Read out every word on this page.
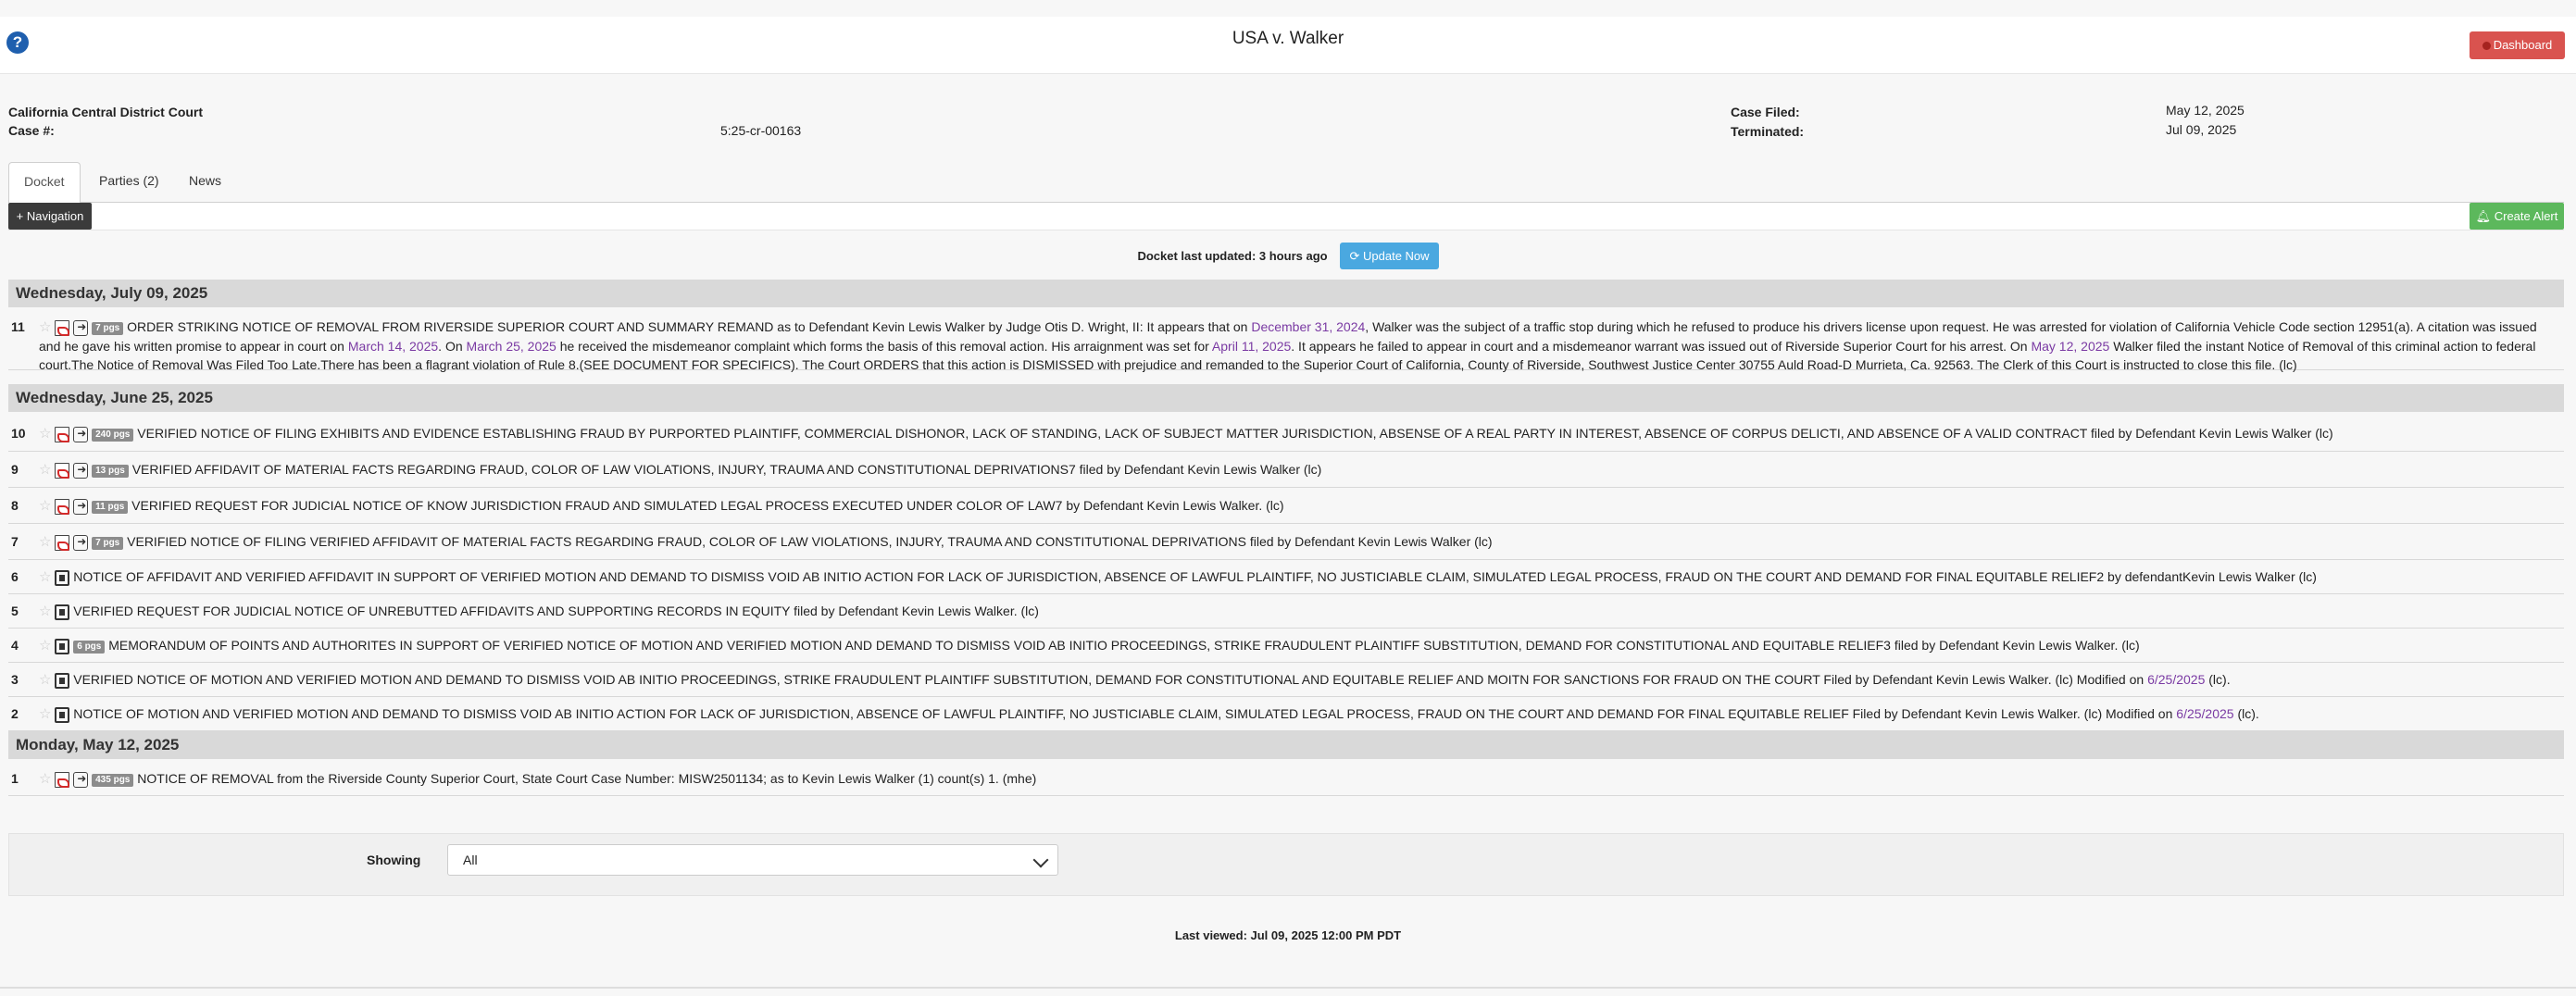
?	USA v. Walker	Dashboard
California Central District Court
Case #:	5:25-cr-00163
Case Filed:	May 12, 2025
Terminated:	Jul 09, 2025
Docket	Parties (2)	News
+ Navigation	🔔︎ Create Alert
Docket last updated: 3 hours ago ⟳ Update Now
Wednesday, July 09, 2025
11 ☆ ➜	7 pgs ORDER STRIKING NOTICE OF REMOVAL FROM RIVERSIDE SUPERIOR COURT AND SUMMARY REMAND as to Defendant Kevin Lewis Walker by Judge Otis D. Wright, II: It appears that on December 31, 2024, Walker was the subject of a traffic stop during which he refused to produce his drivers license upon request. He was arrested for violation of California Vehicle Code section 12951(a). A citation was issued and he gave his written promise to appear in court on March 14, 2025. On March 25, 2025 he received the misdemeanor complaint which forms the basis of this removal action. His arraignment was set for April 11, 2025. It appears he failed to appear in court and a misdemeanor warrant was issued out of Riverside Superior Court for his arrest. On May 12, 2025 Walker filed the instant Notice of Removal of this criminal action to federal court.The Notice of Removal Was Filed Too Late.There has been a flagrant violation of Rule 8.(SEE DOCUMENT FOR SPECIFICS). The Court ORDERS that this action is DISMISSED with prejudice and remanded to the Superior Court of California, County of Riverside, Southwest Justice Center 30755 Auld Road-D Murrieta, Ca. 92563. The Clerk of this Court is instructed to close this file. (lc)
Wednesday, June 25, 2025
10 ☆ ➜	240 pgs VERIFIED NOTICE OF FILING EXHIBITS AND EVIDENCE ESTABLISHING FRAUD BY PURPORTED PLAINTIFF, COMMERCIAL DISHONOR, LACK OF STANDING, LACK OF SUBJECT MATTER JURISDICTION, ABSENSE OF A REAL PARTY IN INTEREST, ABSENCE OF CORPUS DELICTI, AND ABSENCE OF A VALID CONTRACT filed by Defendant Kevin Lewis Walker (lc)
9 ☆ ➜	13 pgs VERIFIED AFFIDAVIT OF MATERIAL FACTS REGARDING FRAUD, COLOR OF LAW VIOLATIONS, INJURY, TRAUMA AND CONSTITUTIONAL DEPRIVATIONS7 filed by Defendant Kevin Lewis Walker (lc)
8 ☆ ➜	11 pgs VERIFIED REQUEST FOR JUDICIAL NOTICE OF KNOW JURISDICTION FRAUD AND SIMULATED LEGAL PROCESS EXECUTED UNDER COLOR OF LAW7 by Defendant Kevin Lewis Walker. (lc)
7 ☆ ➜	7 pgs VERIFIED NOTICE OF FILING VERIFIED AFFIDAVIT OF MATERIAL FACTS REGARDING FRAUD, COLOR OF LAW VIOLATIONS, INJURY, TRAUMA AND CONSTITUTIONAL DEPRIVATIONS filed by Defendant Kevin Lewis Walker (lc)
6 ☆ NOTICE OF AFFIDAVIT AND VERIFIED AFFIDAVIT IN SUPPORT OF VERIFIED MOTION AND DEMAND TO DISMISS VOID AB INITIO ACTION FOR LACK OF JURISDICTION, ABSENCE OF LAWFUL PLAINTIFF, NO JUSTICIABLE CLAIM, SIMULATED LEGAL PROCESS, FRAUD ON THE COURT AND DEMAND FOR FINAL EQUITABLE RELIEF2 by defendantKevin Lewis Walker (lc)
5 ☆ VERIFIED REQUEST FOR JUDICIAL NOTICE OF UNREBUTTED AFFIDAVITS AND SUPPORTING RECORDS IN EQUITY filed by Defendant Kevin Lewis Walker. (lc)
4 ☆	6 pgs MEMORANDUM OF POINTS AND AUTHORITES IN SUPPORT OF VERIFIED NOTICE OF MOTION AND VERIFIED MOTION AND DEMAND TO DISMISS VOID AB INITIO PROCEEDINGS, STRIKE FRAUDULENT PLAINTIFF SUBSTITUTION, DEMAND FOR CONSTITUTIONAL AND EQUITABLE RELIEF3 filed by Defendant Kevin Lewis Walker. (lc)
3 ☆ VERIFIED NOTICE OF MOTION AND VERIFIED MOTION AND DEMAND TO DISMISS VOID AB INITIO PROCEEDINGS, STRIKE FRAUDULENT PLAINTIFF SUBSTITUTION, DEMAND FOR CONSTITUTIONAL AND EQUITABLE RELIEF AND MOITN FOR SANCTIONS FOR FRAUD ON THE COURT Filed by Defendant Kevin Lewis Walker. (lc) Modified on 6/25/2025 (lc).
2 ☆ NOTICE OF MOTION AND VERIFIED MOTION AND DEMAND TO DISMISS VOID AB INITIO ACTION FOR LACK OF JURISDICTION, ABSENCE OF LAWFUL PLAINTIFF, NO JUSTICIABLE CLAIM, SIMULATED LEGAL PROCESS, FRAUD ON THE COURT AND DEMAND FOR FINAL EQUITABLE RELIEF Filed by Defendant Kevin Lewis Walker. (lc) Modified on 6/25/2025 (lc).
Monday, May 12, 2025
1 ☆ ➜	435 pgs NOTICE OF REMOVAL from the Riverside County Superior Court, State Court Case Number: MISW2501134; as to Kevin Lewis Walker (1) count(s) 1. (mhe)
Showing	All
Last viewed: Jul 09, 2025 12:00 PM PDT
